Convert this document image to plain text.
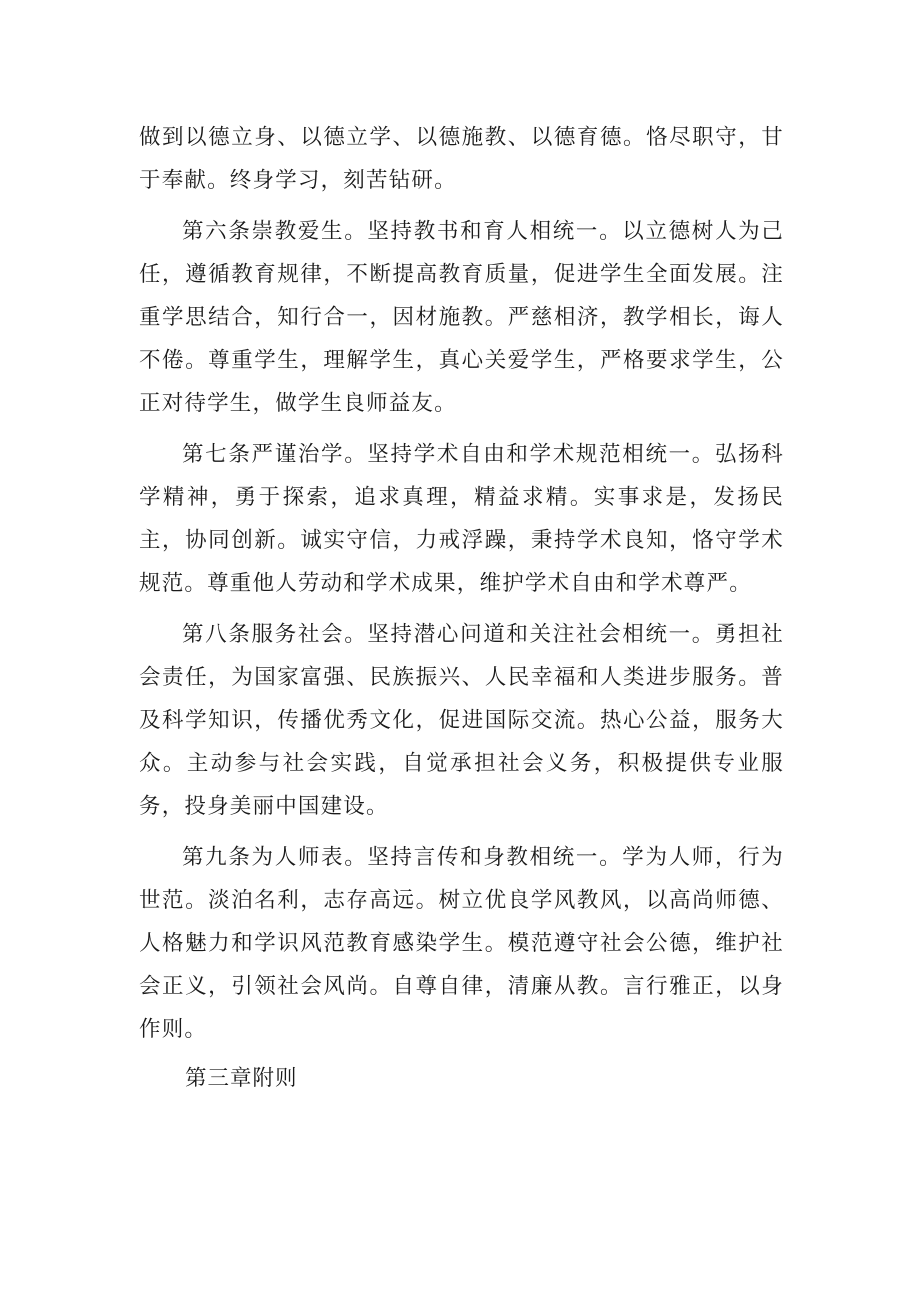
做到以德立身、以德立学、以德施教、以德育德。恪尽职守，甘于奉献。终身学习，刻苦钻研。

第六条崇教爱生。坚持教书和育人相统一。以立德树人为己任，遵循教育规律，不断提高教育质量，促进学生全面发展。注重学思结合，知行合一，因材施教。严慈相济，教学相长，诲人不倦。尊重学生，理解学生，真心关爱学生，严格要求学生，公正对待学生，做学生良师益友。

第七条严谨治学。坚持学术自由和学术规范相统一。弘扬科学精神，勇于探索，追求真理，精益求精。实事求是，发扬民主，协同创新。诚实守信，力戒浮躁，秉持学术良知，恪守学术规范。尊重他人劳动和学术成果，维护学术自由和学术尊严。

第八条服务社会。坚持潜心问道和关注社会相统一。勇担社会责任，为国家富强、民族振兴、人民幸福和人类进步服务。普及科学知识，传播优秀文化，促进国际交流。热心公益，服务大众。主动参与社会实践，自觉承担社会义务，积极提供专业服务，投身美丽中国建设。

第九条为人师表。坚持言传和身教相统一。学为人师，行为世范。淡泊名利，志存高远。树立优良学风教风，以高尚师德、人格魅力和学识风范教育感染学生。模范遵守社会公德，维护社会正义，引领社会风尚。自尊自律，清廉从教。言行雅正，以身作则。

第三章附则
